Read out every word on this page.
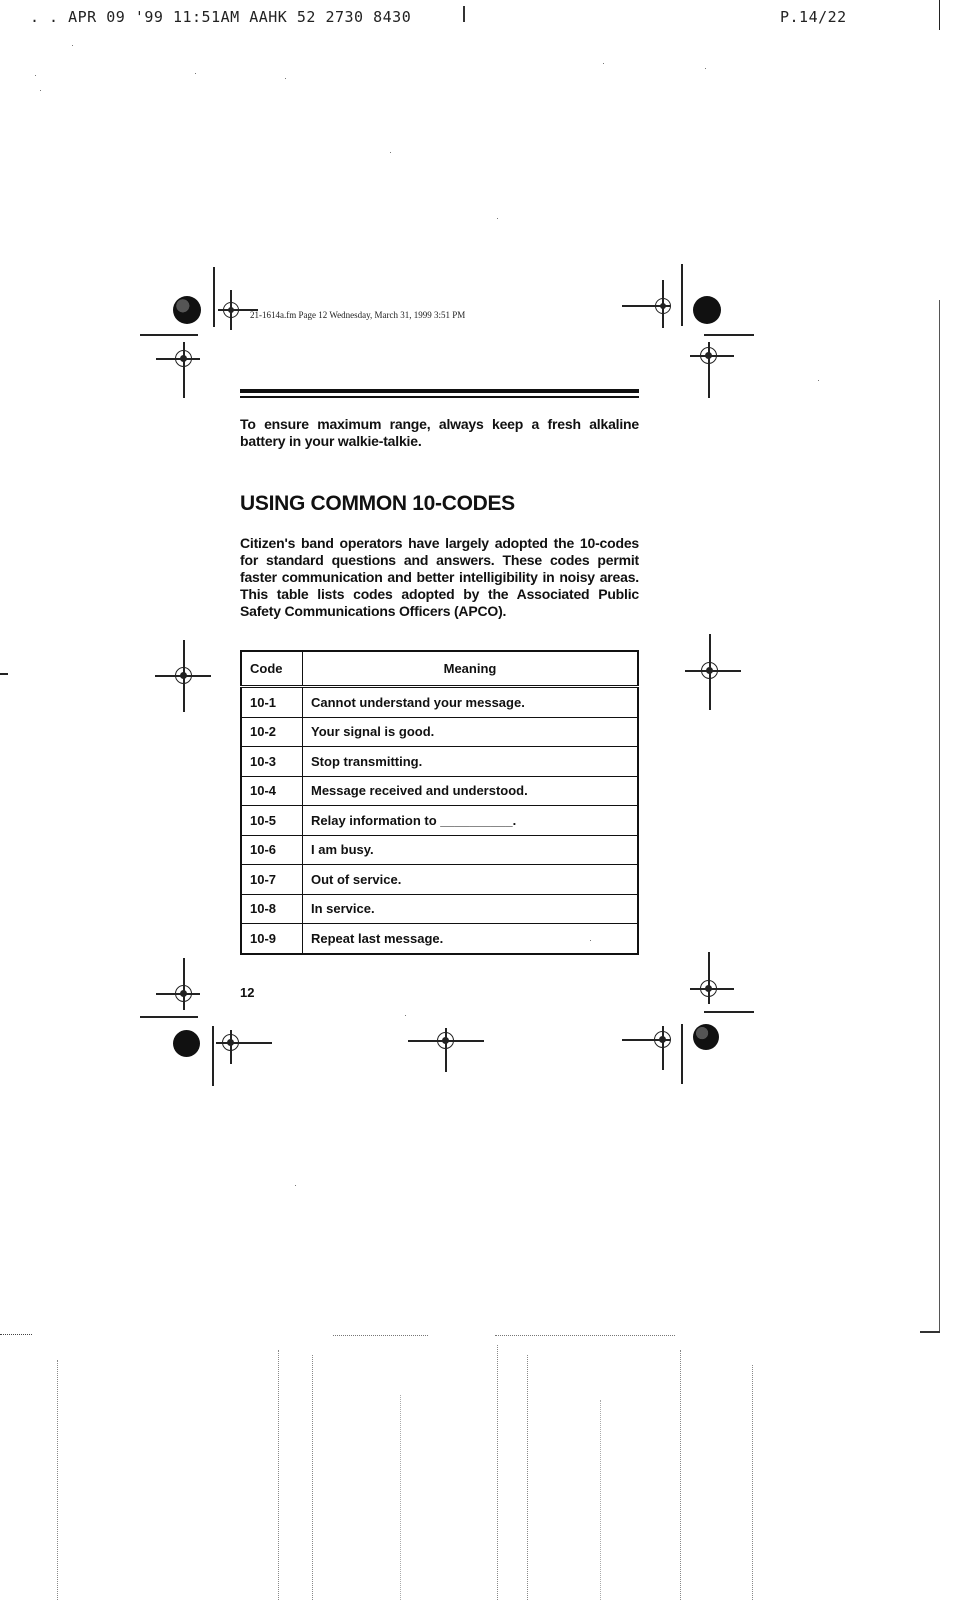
. . APR 09 '99 11:51AM AAHK 52 2730 8430	P.14/22
21-1614a.fm Page 12 Wednesday, March 31, 1999 3:51 PM
To ensure maximum range, always keep a fresh alkaline battery in your walkie-talkie.
USING COMMON 10-CODES
Citizen's band operators have largely adopted the 10-codes for standard questions and answers. These codes permit faster communication and better intelligibility in noisy areas. This table lists codes adopted by the Associated Public Safety Communications Officers (APCO).
Code	Meaning
10-1	Cannot understand your message.
10-2	Your signal is good.
10-3	Stop transmitting.
10-4	Message received and understood.
10-5	Relay information to __________.
10-6	I am busy.
10-7	Out of service.
10-8	In service.
10-9	Repeat last message.
12
